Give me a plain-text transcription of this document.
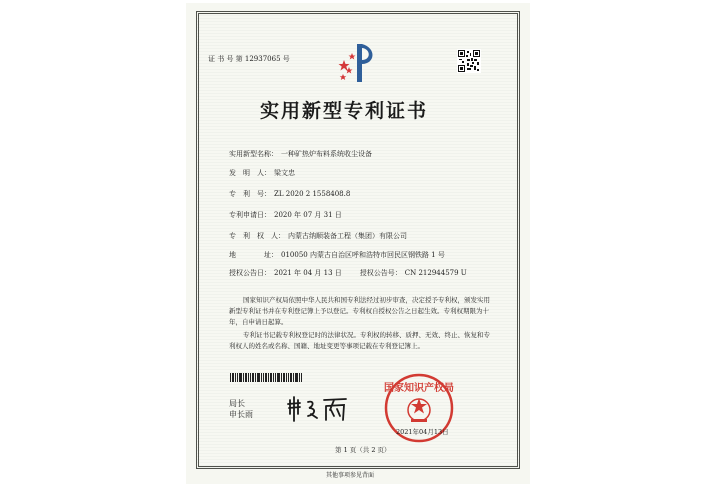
证 书 号 第 12937065 号
实用新型专利证书
实用新型名称： 一种矿热炉布料系统收尘设备
发　明　人： 梁文忠
专　利　号： ZL 2020 2 1558408.8
专利申请日： 2020 年 07 月 31 日
专　利　权　人： 内蒙古纳顺装备工程（集团）有限公司
地　　　　址： 010050 内蒙古自治区呼和浩特市回民区钢铁路 1 号
授权公告日： 2021 年 04 月 13 日	授权公告号： CN 212944579 U
国家知识产权局依照中华人民共和国专利法经过初步审查，决定授予专利权，颁发实用新型专利证书并在专利登记簿上予以登记。专利权自授权公告之日起生效。专利权期限为十年，自申请日起算。
专利证书记载专利权登记时的法律状况。专利权的转移、质押、无效、终止、恢复和专利权人的姓名或名称、国籍、地址变更等事项记载在专利登记簿上。
局长
申长雨
国家知识产权局
2021年04月13日
第 1 页（共 2 页）
其他事项参见背面
